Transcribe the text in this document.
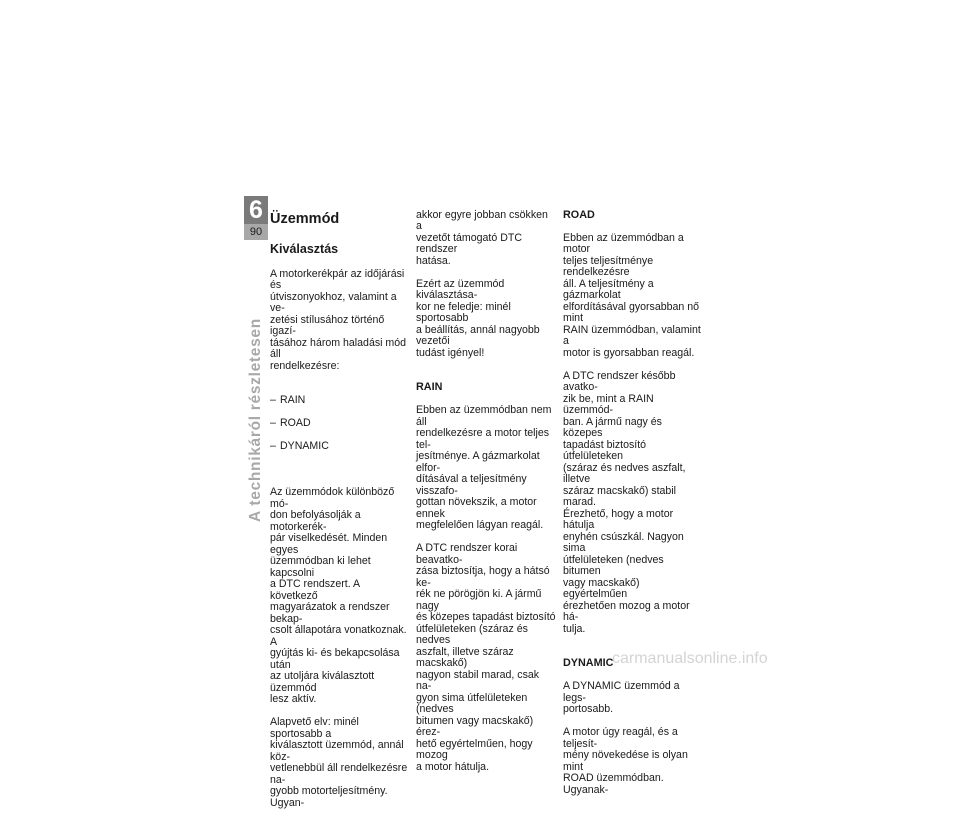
6
90
A technikáról részletesen

Üzemmód

Kiválasztás

A motorkerékpár az időjárási és
útviszonyokhoz, valamint a ve-
zetési stílusához történő igazí-
tásához három haladási mód áll
rendelkezésre:

– RAIN

– ROAD

– DYNAMIC

Az üzemmódok különböző mó-
don befolyásolják a motorkerék-
pár viselkedését. Minden egyes
üzemmódban ki lehet kapcsolni
a DTC rendszert. A következő
magyarázatok a rendszer bekap-
csolt állapotára vonatkoznak. A
gyújtás ki- és bekapcsolása után
az utoljára kiválasztott üzemmód
lesz aktív.

Alapvető elv: minél sportosabb a
kiválasztott üzemmód, annál köz-
vetlenebbül áll rendelkezésre na-
gyobb motorteljesítmény. Ugyan-

akkor egyre jobban csökken a
vezetőt támogató DTC rendszer
hatása.

Ezért az üzemmód kiválasztása-
kor ne feledje: minél sportosabb
a beállítás, annál nagyobb vezetői
tudást igényel!

RAIN

Ebben az üzemmódban nem áll
rendelkezésre a motor teljes tel-
jesítménye. A gázmarkolat elfor-
dításával a teljesítmény visszafo-
gottan növekszik, a motor ennek
megfelelően lágyan reagál.

A DTC rendszer korai beavatko-
zása biztosítja, hogy a hátsó ke-
rék ne pörögjön ki. A jármű nagy
és közepes tapadást biztosító
útfelületeken (száraz és nedves
aszfalt, illetve száraz macskakő)
nagyon stabil marad, csak na-
gyon sima útfelületeken (nedves
bitumen vagy macskakő) érez-
hető egyértelműen, hogy mozog
a motor hátulja.

ROAD

Ebben az üzemmódban a motor
teljes teljesítménye rendelkezésre
áll. A teljesítmény a gázmarkolat
elfordításával gyorsabban nő mint
RAIN üzemmódban, valamint a
motor is gyorsabban reagál.

A DTC rendszer később avatko-
zik be, mint a RAIN üzemmód-
ban. A jármű nagy és közepes
tapadást biztosító útfelületeken
(száraz és nedves aszfalt, illetve
száraz macskakő) stabil marad.
Érezhető, hogy a motor hátulja
enyhén csúszkál. Nagyon sima
útfelületeken (nedves bitumen
vagy macskakő) egyértelműen
érezhetően mozog a motor há-
tulja.

DYNAMIC

A DYNAMIC üzemmód a legs-
portosabb.

A motor úgy reagál, és a teljesít-
mény növekedése is olyan mint
ROAD üzemmódban. Ugyanak-

carmanualsonline.info
